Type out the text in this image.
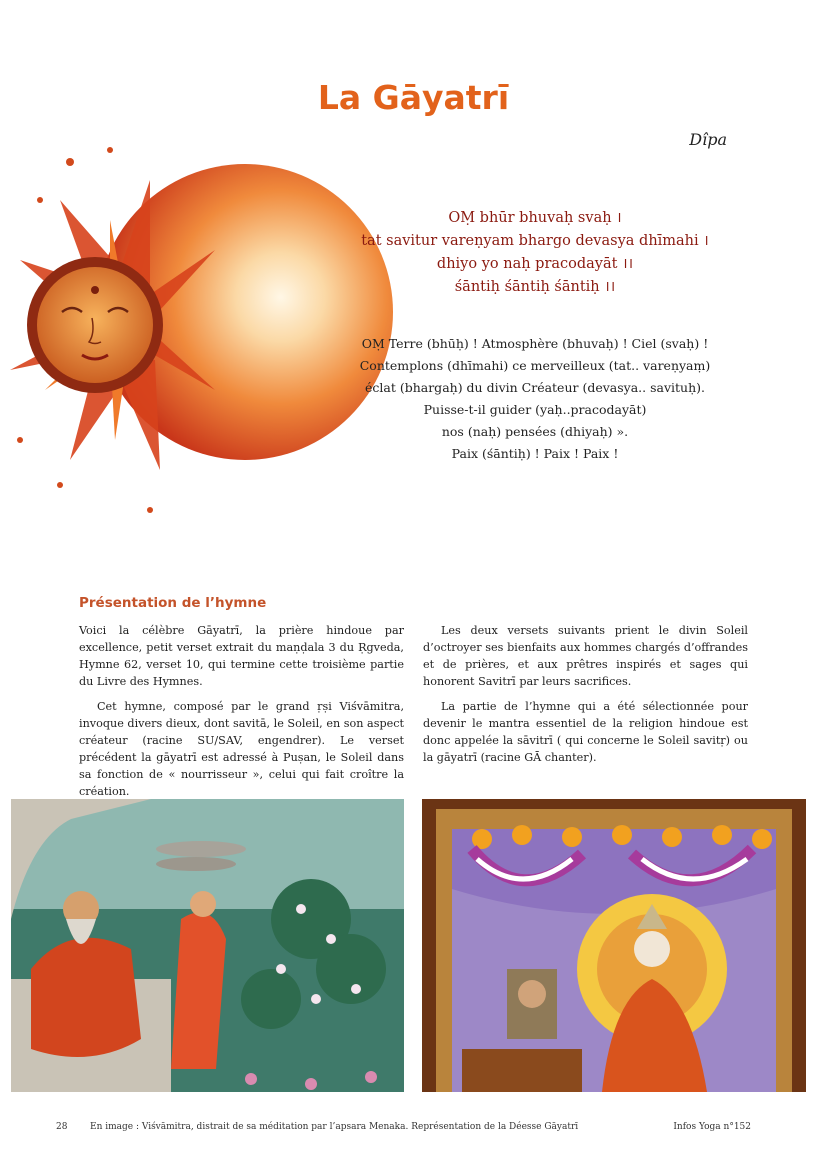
La Gāyatrī
Dîpa
OṂ bhūr bhuvaḥ svaḥ ।
tat savitur vareṇyam bhargo devasya dhīmahi ।
dhiyo yo naḥ pracodayāt ।।
śāntiḥ śāntiḥ śāntiḥ ।।
OṂ Terre (bhūḥ) ! Atmosphère (bhuvaḥ) ! Ciel (svaḥ) !
Contemplons (dhīmahi) ce merveilleux (tat.. vareṇyaṃ)
éclat (bhargaḥ) du divin Créateur (devasya.. savituḥ).
Puisse-t-il guider (yaḥ..pracodayāt)
nos (naḥ) pensées (dhiyaḥ) ».
Paix (śāntiḥ) ! Paix ! Paix !
Présentation de l’hymne

Voici la célèbre Gāyatrī, la prière hindoue par excellence, petit verset extrait du maṇḍala 3 du Ṛgveda, Hymne 62, verset 10, qui termine cette troisième partie du Livre des Hymnes.

Cet hymne, composé par le grand ṛṣi Viśvāmitra, invoque divers dieux, dont savitā, le Soleil, en son aspect créateur (racine SU/SAV, engendrer). Le verset précédent la gāyatrī est adressé à Puṣan, le Soleil dans sa fonction de « nourrisseur », celui qui fait croître la création.

Les deux versets suivants prient le divin Soleil d’octroyer ses bienfaits aux hommes chargés d’offrandes et de prières, et aux prêtres inspirés et sages qui honorent Savitrī par leurs sacrifices.

La partie de l’hymne qui a été sélectionnée pour devenir le mantra essentiel de la religion hindoue est donc appelée la sāvitrī ( qui concerne le Soleil savitṛ) ou la gāyatrī (racine GĀ chanter).

28	En image : Viśvāmitra, distrait de sa méditation par l’apsara Menaka. Représentation de la Déesse Gāyatrī	Infos Yoga n°152
